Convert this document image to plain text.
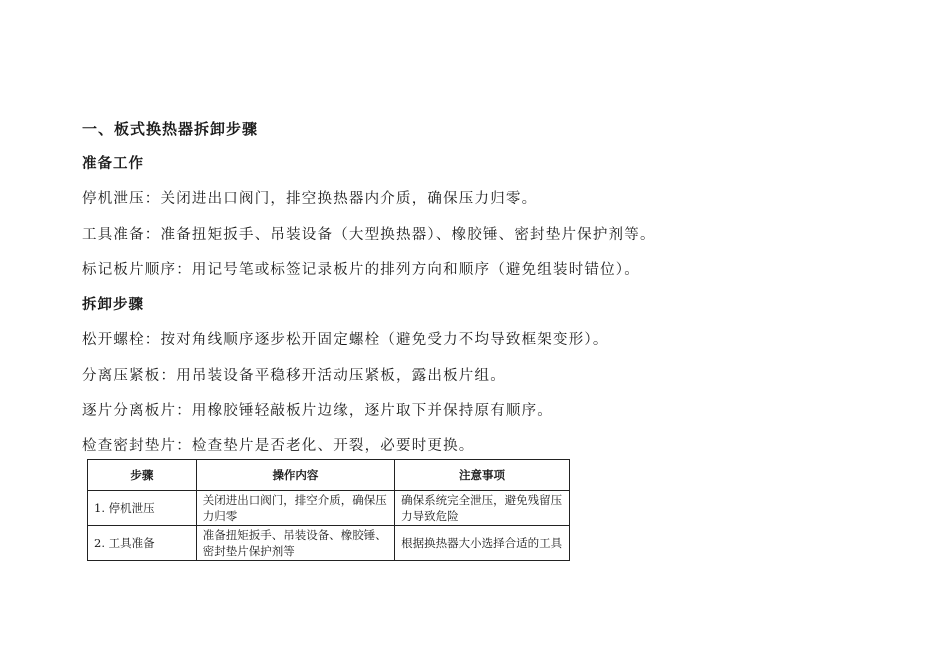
一、板式换热器拆卸步骤
准备工作
停机泄压：关闭进出口阀门，排空换热器内介质，确保压力归零。
工具准备：准备扭矩扳手、吊装设备（大型换热器）、橡胶锤、密封垫片保护剂等。
标记板片顺序：用记号笔或标签记录板片的排列方向和顺序（避免组装时错位）。
拆卸步骤
松开螺栓：按对角线顺序逐步松开固定螺栓（避免受力不均导致框架变形）。
分离压紧板：用吊装设备平稳移开活动压紧板，露出板片组。
逐片分离板片：用橡胶锤轻敲板片边缘，逐片取下并保持原有顺序。
检查密封垫片：检查垫片是否老化、开裂，必要时更换。
步骤	操作内容	注意事项
1. 停机泄压	关闭进出口阀门，排空介质，确保压力归零	确保系统完全泄压，避免残留压力导致危险
2. 工具准备	准备扭矩扳手、吊装设备、橡胶锤、密封垫片保护剂等	根据换热器大小选择合适的工具
